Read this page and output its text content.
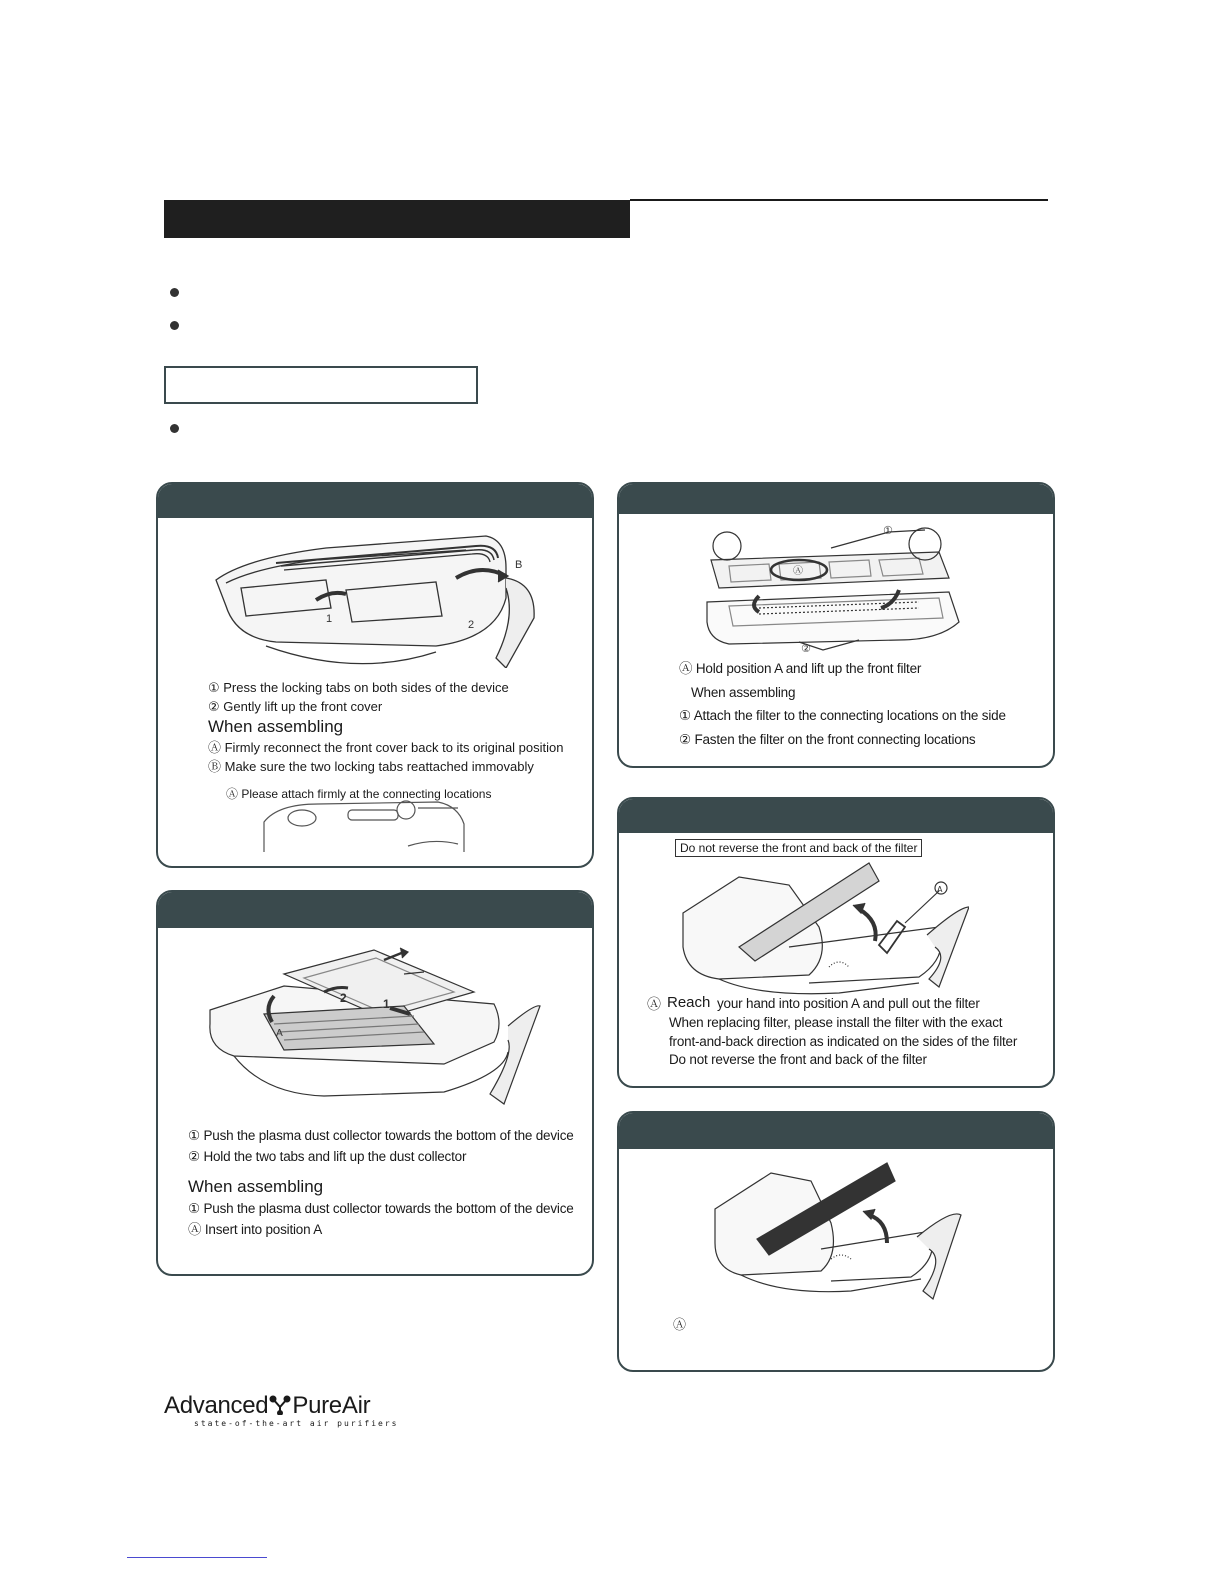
1	2
B
① Press the locking tabs on both sides of the device
② Gently lift up the front cover
When assembling
Ⓐ Firmly reconnect the front cover back to its original position
Ⓑ Make sure the two locking tabs reattached immovably
Ⓐ Please attach firmly at the connecting locations
①
Ⓐ
②
Ⓐ Hold position A and lift up the front filter
When assembling
① Attach the filter to the connecting locations on the side
② Fasten the filter on the front connecting locations
1
2
A
① Push the plasma dust collector towards the bottom of the device
② Hold the two tabs and lift up the dust collector
When assembling
① Push the plasma dust collector towards the bottom of the device
Ⓐ Insert into position A
Do not reverse the front and back of the filter
A
Ⓐ Reach your hand into position A and pull out the filter
When replacing filter, please install the filter with the exact
front-and-back direction as indicated on the sides of the filter
Do not reverse the front and back of the filter
Ⓐ
Advanced PureAir
state-of-the-art air purifiers
